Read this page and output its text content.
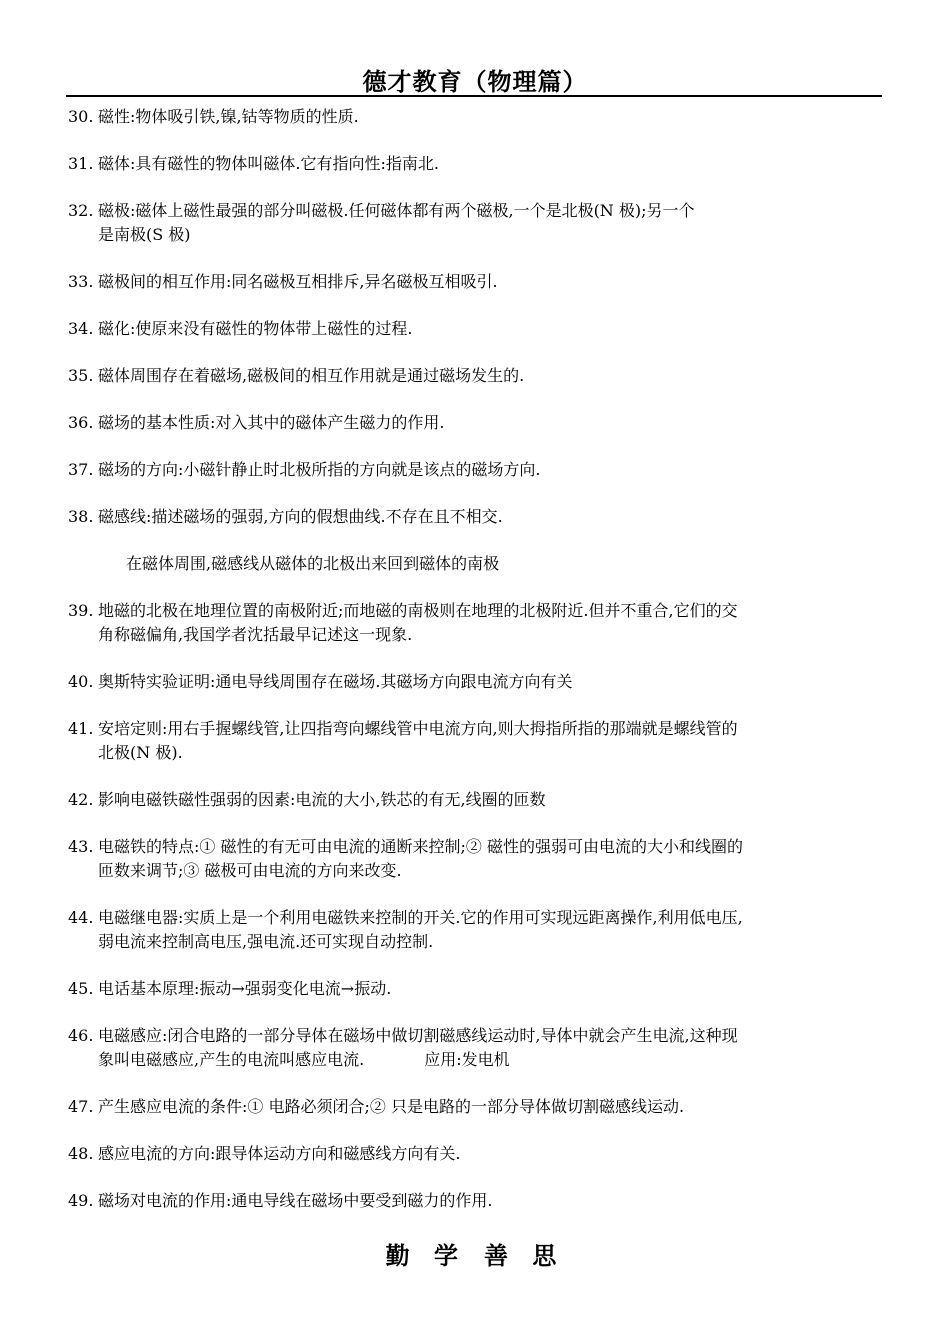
德才教育（物理篇）
30. 磁性:物体吸引铁,镍,钴等物质的性质.
31. 磁体:具有磁性的物体叫磁体.它有指向性:指南北.
32. 磁极:磁体上磁性最强的部分叫磁极.任何磁体都有两个磁极,一个是北极(N 极);另一个
是南极(S 极)
33. 磁极间的相互作用:同名磁极互相排斥,异名磁极互相吸引.
34. 磁化:使原来没有磁性的物体带上磁性的过程.
35. 磁体周围存在着磁场,磁极间的相互作用就是通过磁场发生的.
36. 磁场的基本性质:对入其中的磁体产生磁力的作用.
37. 磁场的方向:小磁针静止时北极所指的方向就是该点的磁场方向.
38. 磁感线:描述磁场的强弱,方向的假想曲线.不存在且不相交.
在磁体周围,磁感线从磁体的北极出来回到磁体的南极
39. 地磁的北极在地理位置的南极附近;而地磁的南极则在地理的北极附近.但并不重合,它们的交
角称磁偏角,我国学者沈括最早记述这一现象.
40. 奥斯特实验证明:通电导线周围存在磁场.其磁场方向跟电流方向有关
41. 安培定则:用右手握螺线管,让四指弯向螺线管中电流方向,则大拇指所指的那端就是螺线管的
北极(N 极).
42. 影响电磁铁磁性强弱的因素:电流的大小,铁芯的有无,线圈的匝数
43. 电磁铁的特点:① 磁性的有无可由电流的通断来控制;② 磁性的强弱可由电流的大小和线圈的
匝数来调节;③ 磁极可由电流的方向来改变.
44. 电磁继电器:实质上是一个利用电磁铁来控制的开关.它的作用可实现远距离操作,利用低电压,
弱电流来控制高电压,强电流.还可实现自动控制.
45. 电话基本原理:振动→强弱变化电流→振动.
46. 电磁感应:闭合电路的一部分导体在磁场中做切割磁感线运动时,导体中就会产生电流,这种现
象叫电磁感应,产生的电流叫感应电流.	应用:发电机
47. 产生感应电流的条件:① 电路必须闭合;② 只是电路的一部分导体做切割磁感线运动.
48. 感应电流的方向:跟导体运动方向和磁感线方向有关.
49. 磁场对电流的作用:通电导线在磁场中要受到磁力的作用.
勤 学 善 思
